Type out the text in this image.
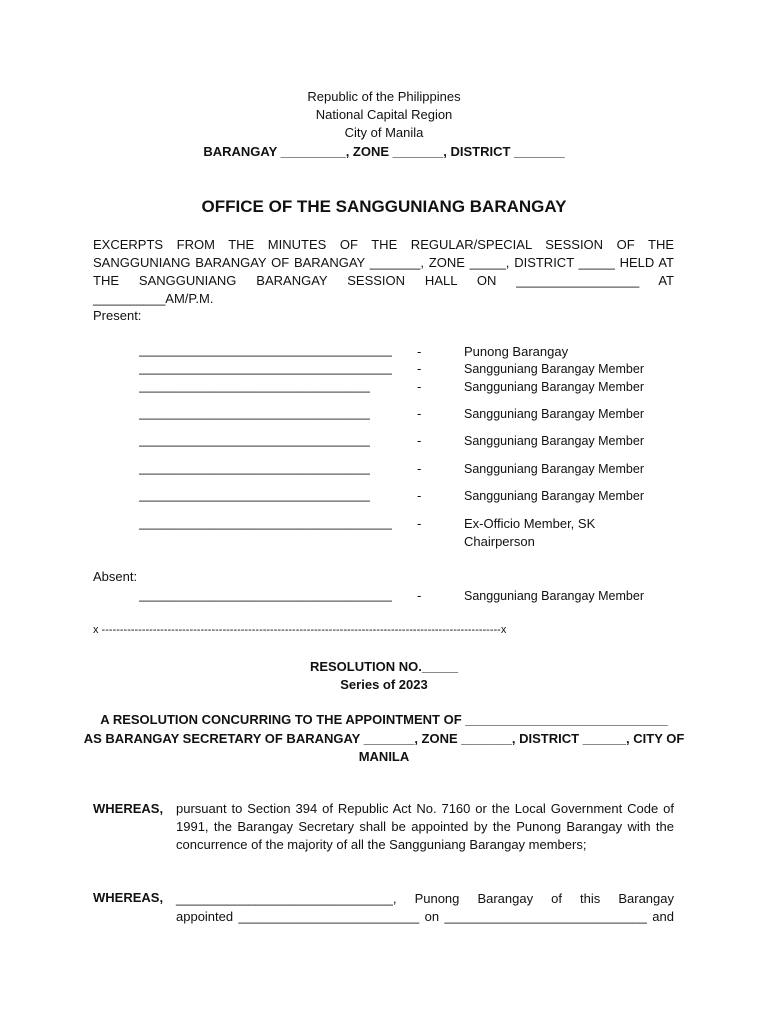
Republic of the Philippines
National Capital Region
City of Manila
BARANGAY _________, ZONE _______, DISTRICT _______
OFFICE OF THE SANGGUNIANG BARANGAY
EXCERPTS FROM THE MINUTES OF THE REGULAR/SPECIAL SESSION OF THE SANGGUNIANG BARANGAY OF BARANGAY _______, ZONE _____, DISTRICT _____ HELD AT THE SANGGUNIANG BARANGAY SESSION HALL ON _________________ AT __________AM/P.M.
Present:
___________________________________ -	Punong Barangay
___________________________________ -	Sangguniang Barangay Member
________________________________	-	Sangguniang Barangay Member
________________________________	-	Sangguniang Barangay Member
________________________________	-	Sangguniang Barangay Member
________________________________	-	Sangguniang Barangay Member
________________________________	-	Sangguniang Barangay Member
___________________________________ -	Ex-Officio Member, SK
Chairperson
Absent:
___________________________________ -	Sangguniang Barangay Member
x -------------------------------------------------------------------------------------------------------------x
RESOLUTION NO._____
Series of 2023
A RESOLUTION CONCURRING TO THE APPOINTMENT OF ____________________________
AS BARANGAY SECRETARY OF BARANGAY _______, ZONE _______, DISTRICT ______, CITY OF
MANILA
WHEREAS, pursuant to Section 394 of Republic Act No. 7160 or the Local Government Code of 1991, the Barangay Secretary shall be appointed by the Punong Barangay with the concurrence of the majority of all the Sangguniang Barangay members;
WHEREAS, ______________________________, Punong Barangay of this Barangay
appointed _________________________ on ____________________________ and
